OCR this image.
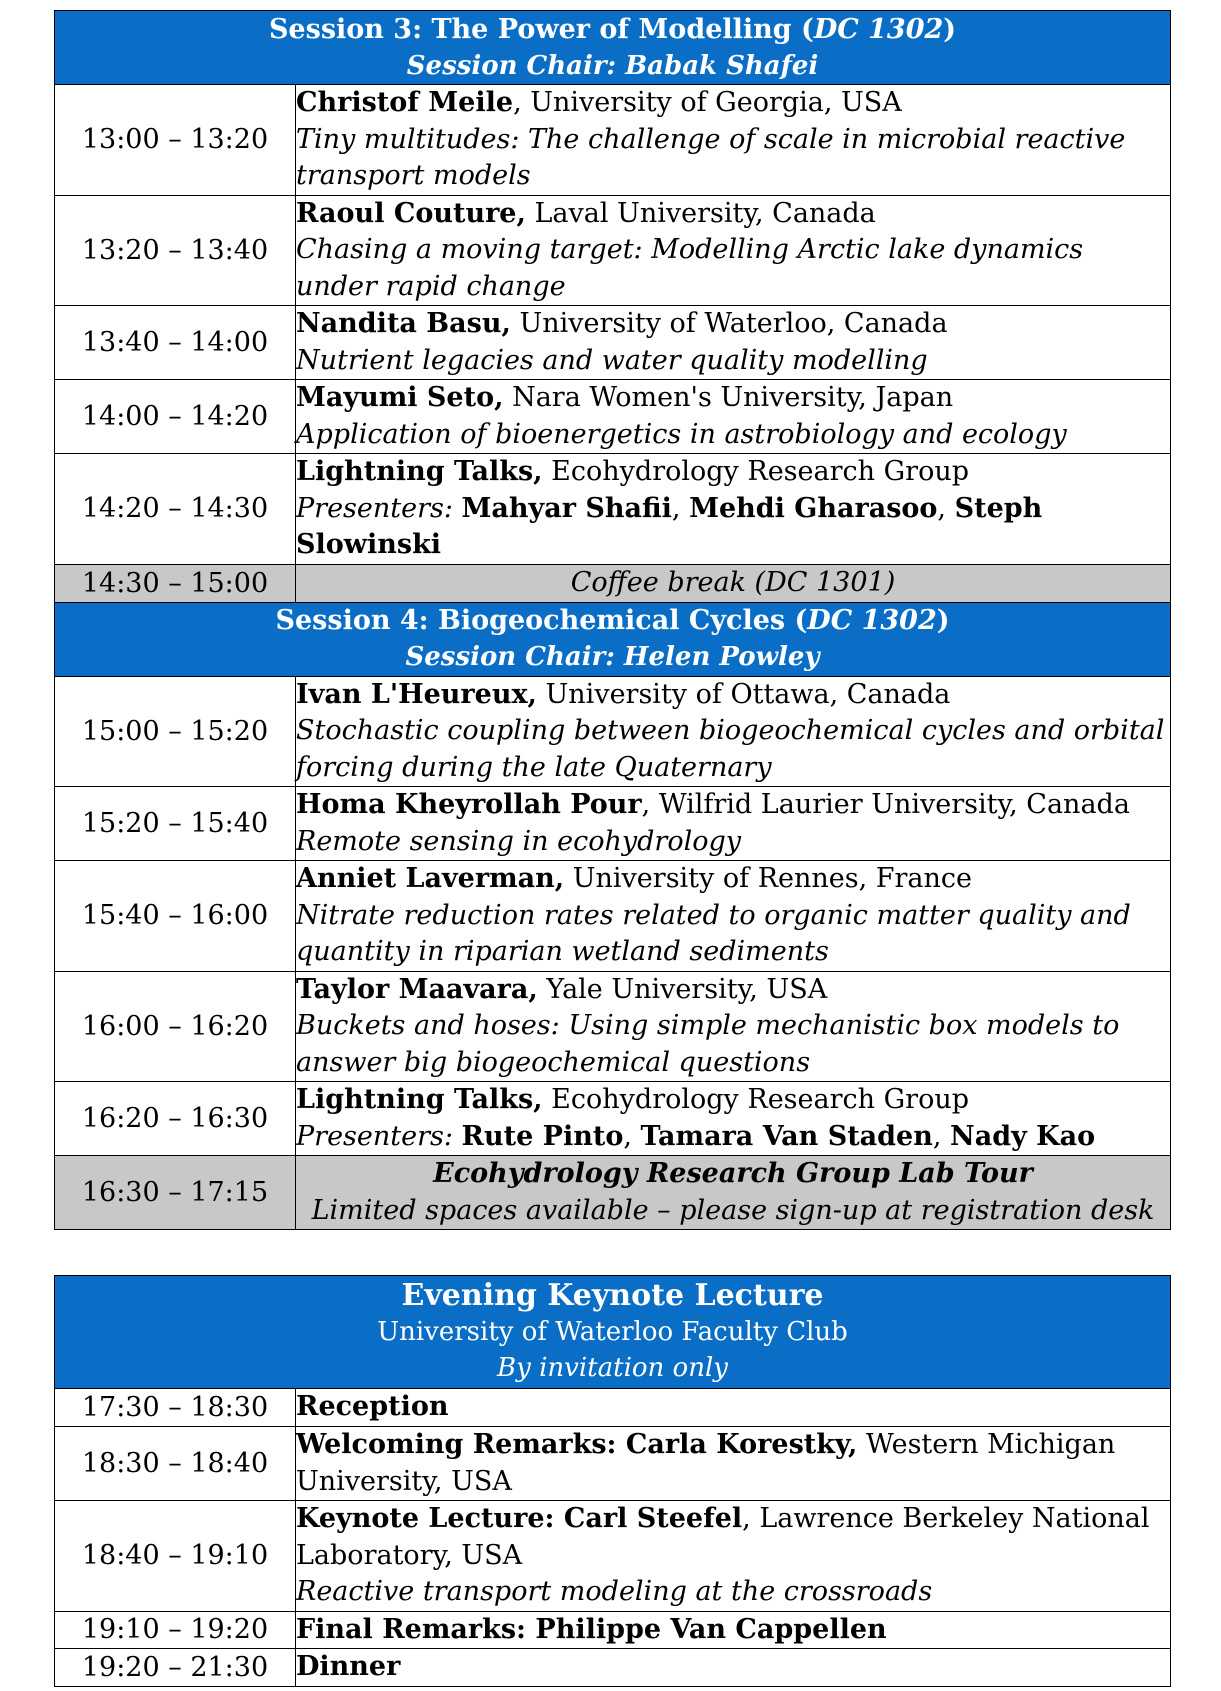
Session 3: The Power of Modelling (DC 1302)
Session Chair: Babak Shafei	

13:00 – 13:20	Christof Meile, University of Georgia, USA
Tiny multitudes: The challenge of scale in microbial reactive transport models
13:20 – 13:40	Raoul Couture, Laval University, Canada
Chasing a moving target: Modelling Arctic lake dynamics under rapid change
13:40 – 14:00	Nandita Basu, University of Waterloo, Canada
Nutrient legacies and water quality modelling
14:00 – 14:20	Mayumi Seto, Nara Women's University, Japan
Application of bioenergetics in astrobiology and ecology
14:20 – 14:30	Lightning Talks, Ecohydrology Research Group
Presenters: Mahyar Shafii, Mehdi Gharasoo, Steph Slowinski
14:30 – 15:00	Coffee break (DC 1301)

Session 4: Biogeochemical Cycles (DC 1302)
Session Chair: Helen Powley	

15:00 – 15:20	Ivan L'Heureux, University of Ottawa, Canada
Stochastic coupling between biogeochemical cycles and orbital forcing during the late Quaternary
15:20 – 15:40	Homa Kheyrollah Pour, Wilfrid Laurier University, Canada
Remote sensing in ecohydrology
15:40 – 16:00	Anniet Laverman, University of Rennes, France
Nitrate reduction rates related to organic matter quality and quantity in riparian wetland sediments
16:00 – 16:20	Taylor Maavara, Yale University, USA
Buckets and hoses: Using simple mechanistic box models to answer big biogeochemical questions
16:20 – 16:30	Lightning Talks, Ecohydrology Research Group
Presenters: Rute Pinto, Tamara Van Staden, Nady Kao
16:30 – 17:15	Ecohydrology Research Group Lab Tour
Limited spaces available – please sign-up at registration desk
Evening Keynote Lecture
University of Waterloo Faculty Club
By invitation only	

17:30 – 18:30	Reception
18:30 – 18:40	Welcoming Remarks: Carla Korestky, Western Michigan University, USA
18:40 – 19:10	Keynote Lecture: Carl Steefel, Lawrence Berkeley National Laboratory, USA
Reactive transport modeling at the crossroads
19:10 – 19:20	Final Remarks: Philippe Van Cappellen
19:20 – 21:30	Dinner
